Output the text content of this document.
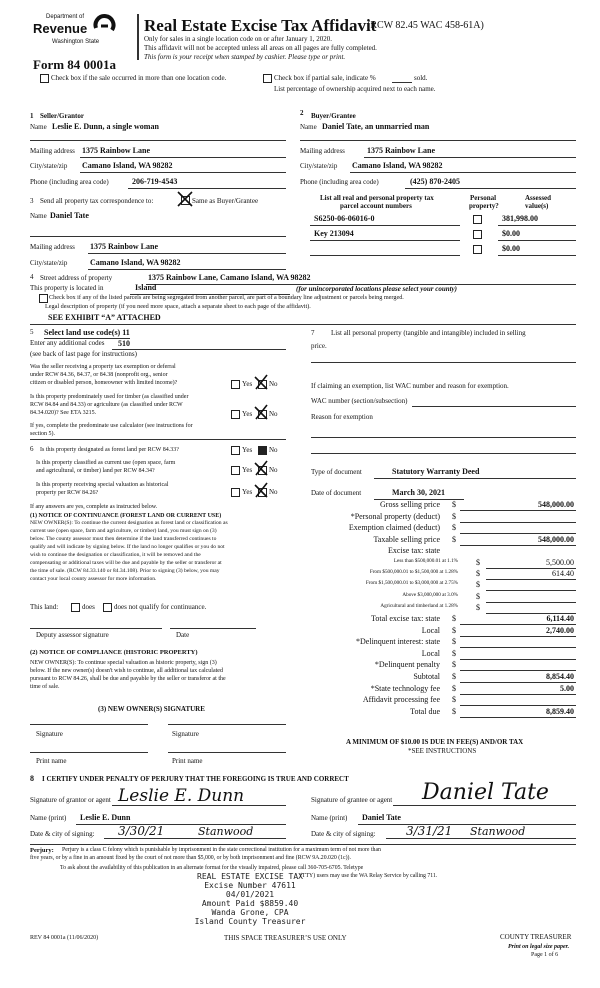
Department of
Revenue
Washington State
Form 84 0001a
Real Estate Excise Tax Affidavit
(RCW 82.45 WAC 458-61A)
Only for sales in a single location code on or after January 1, 2020.
This affidavit will not be accepted unless all areas on all pages are fully completed.
This form is your receipt when stamped by cashier. Please type or print.
Check box if the sale occurred in more than one location code.	Check box if partial sale, indicate %	sold.
List percentage of ownership acquired next to each name.
1 Seller/Grantor
Name Leslie E. Dunn, a single woman
Mailing address 1375 Rainbow Lane
City/state/zip Camano Island, WA 98282
Phone (including area code)	206-719-4543
2 Buyer/Grantee
Name Daniel Tate, an unmarried man
Mailing address	1375 Rainbow Lane
City/state/zip Camano Island, WA 98282
Phone (including area code)	(425) 870-2405
3 Send all property tax correspondence to:	Same as Buyer/Grantee
Name Daniel Tate
Mailing address 1375 Rainbow Lane
City/state/zip	Camano Island, WA 98282
List all real and personal property tax
parcel account numbers
Personal
property?
Assessed
value(s)
S6250-06-06016-0	381,998.00
Key 213094	$0.00
$0.00
4 Street address of property	1375 Rainbow Lane, Camano Island, WA 98282
This property is located in	Island	(for unincorporated locations please select your county)
Check box if any of the listed parcels are being segregated from another parcel, are part of a boundary line adjustment or parcels being merged.
Legal description of property (if you need more space, attach a separate sheet to each page of the affidavit).
SEE EXHIBIT “A” ATTACHED
5 Select land use code(s) 11
Enter any additional codes 510
(see back of last page for instructions)
Was the seller receiving a property tax exemption or deferral
under RCW 84.36, 84.37, or 84.38 (nonprofit org., senior
citizen or disabled person, homeowner with limited income)?	Yes No
Is this property predominately used for timber (as classified under
RCW 84.84 and 84.33) or agriculture (as classified under RCW
84.34.020)? See ETA 3215.	Yes No
If yes, complete the predominate use calculator (see instructions for
section 5).
6 Is this property designated as forest land per RCW 84.33?	Yes No
Is this property classified as current use (open space, farm
and agricultural, or timber) land per RCW 84.34?	Yes No
Is this property receiving special valuation as historical
property per RCW 84.26?	Yes No
If any answers are yes, complete as instructed below.
(1) NOTICE OF CONTINUANCE (FOREST LAND OR CURRENT USE)
NEW OWNER(S): To continue the current designation as forest land or classification as
current use (open space, farm and agriculture, or timber) land, you must sign on (3)
below. The county assessor must then determine if the land transferred continues to
qualify and will indicate by signing below. If the land no longer qualifies or you do not
wish to continue the designation or classification, it will be removed and the
compensating or additional taxes will be due and payable by the seller or transferor at
the time of sale. (RCW 84.33.140 or 84.34.108). Prior to signing (3) below, you may
contact your local county assessor for more information.
This land:	does	does not qualify for continuance.
Deputy assessor signature	Date
(2) NOTICE OF COMPLIANCE (HISTORIC PROPERTY)
NEW OWNER(S): To continue special valuation as historic property, sign (3)
below. If the new owner(s) doesn't wish to continue, all additional tax calculated
pursuant to RCW 84.26, shall be due and payable by the seller or transferor at the
time of sale.
(3) NEW OWNER(S) SIGNATURE
Signature	Signature
Print name	Print name
7 List all personal property (tangible and intangible) included in selling
price.
If claiming an exemption, list WAC number and reason for exemption.
WAC number (section/subsection)
Reason for exemption
Type of document	Statutory Warranty Deed
Date of document	March 30, 2021
Gross selling price $	548,000.00
*Personal property (deduct) $
Exemption claimed (deduct) $
Taxable selling price $	548,000.00
Excise tax: state
Less than $500,000.01 at 1.1% $	5,500.00
From $500,000.01 to $1,500,000 at 1.28% $	614.40
From $1,500,000.01 to $3,000,000 at 2.75% $
Above $3,000,000 at 3.0% $
Agricultural and timberland at 1.28% $
Total excise tax: state $	6,114.40
Local $	2,740.00
*Delinquent interest: state $
Local $
*Delinquent penalty $
Subtotal $	8,854.40
*State technology fee $	5.00
Affidavit processing fee $
Total due $	8,859.40
A MINIMUM OF $10.00 IS DUE IN FEE(S) AND/OR TAX
*SEE INSTRUCTIONS
8 I CERTIFY UNDER PENALTY OF PERJURY THAT THE FOREGOING IS TRUE AND CORRECT
Signature of grantor or agent Leslie E. Dunn	Signature of grantee or agent Daniel Tate
Name (print) Leslie E. Dunn	Name (print) Daniel Tate
Date & city of signing: 3/30/21	Stanwood	Date & city of signing:	3/31/21 Stanwood
Perjury: Perjury is a class C felony which is punishable by imprisonment in the state correctional institution for a maximum term of not more than
five years, or by a fine in an amount fixed by the court of not more than $5,000, or by both imprisonment and fine (RCW 9A.20.020 (1c)).
To ask about the availability of this publication in an alternate format for the visually impaired, please call 360-705-6705. Teletype
(TTY) users may use the WA Relay Service by calling 711.
REAL ESTATE EXCISE TAX
Excise Number 47611
04/01/2021
Amount Paid $8859.40
Wanda Grone, CPA
Island County Treasurer
REV 84 0001a (11/06/2020)	THIS SPACE TREASURER’S USE ONLY	COUNTY TREASURER
Print on legal size paper.
Page 1 of 6
